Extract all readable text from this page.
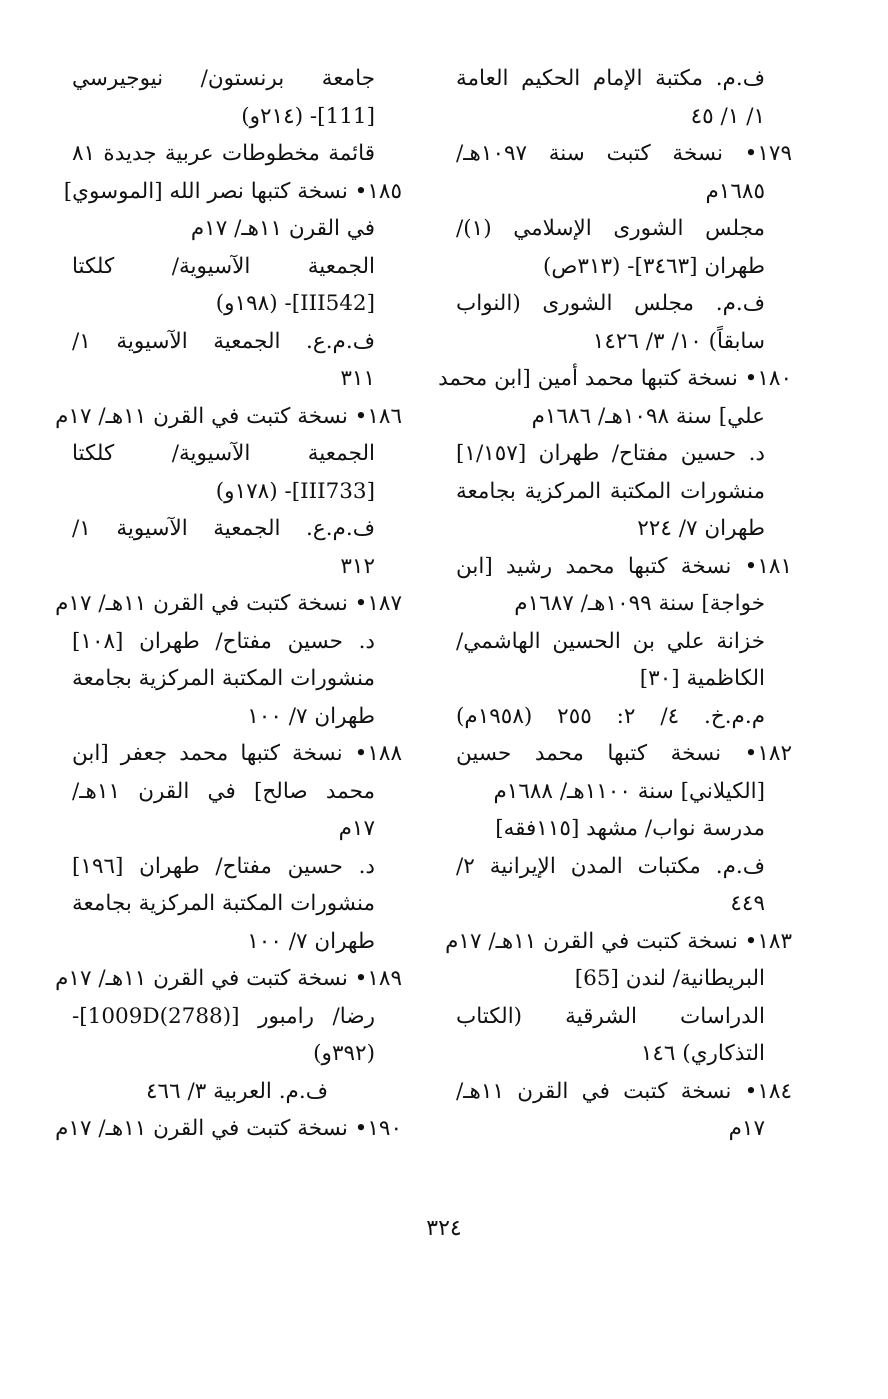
ف.م. مكتبة الإمام الحكيم العامة
١/ ١/ ٤٥
١٧٩• نسخة كتبت سنة ١٠٩٧هـ/
١٦٨٥م
مجلس الشورى الإسلامي (١)/
طهران [٣٤٦٣]- (٣١٣ص)
ف.م. مجلس الشورى (النواب
سابقاً) ١٠/ ٣/ ١٤٢٦
١٨٠• نسخة كتبها محمد أمين [ابن محمد
علي] سنة ١٠٩٨هـ/ ١٦٨٦م
د. حسين مفتاح/ طهران [١/١٥٧]
منشورات المكتبة المركزية بجامعة
طهران ٧/ ٢٢٤
١٨١• نسخة كتبها محمد رشيد [ابن
خواجة] سنة ١٠٩٩هـ/ ١٦٨٧م
خزانة علي بن الحسين الهاشمي/
الكاظمية [٣٠]
م.م.خ. ٤/ ٢: ٢٥٥ (١٩٥٨م)
١٨٢• نسخة كتبها محمد حسين
[الكيلاني] سنة ١١٠٠هـ/ ١٦٨٨م
مدرسة نواب/ مشهد [١١٥فقه]
ف.م. مكتبات المدن الإيرانية ٢/
٤٤٩
١٨٣• نسخة كتبت في القرن ١١هـ/ ١٧م
البريطانية/ لندن [65]
الدراسات الشرقية (الكتاب
التذكاري) ١٤٦
١٨٤• نسخة كتبت في القرن ١١هـ/
١٧م
جامعة برنستون/ نيوجيرسي
[111]- (٢١٤و)
قائمة مخطوطات عربية جديدة ٨١
١٨٥• نسخة كتبها نصر الله [الموسوي]
في القرن ١١هـ/ ١٧م
الجمعية الآسيوية/ كلكتا
[III542]- (١٩٨و)
ف.م.ع. الجمعية الآسيوية ١/
٣١١
١٨٦• نسخة كتبت في القرن ١١هـ/ ١٧م
الجمعية الآسيوية/ كلكتا
[III733]- (١٧٨و)
ف.م.ع. الجمعية الآسيوية ١/
٣١٢
١٨٧• نسخة كتبت في القرن ١١هـ/ ١٧م
د. حسين مفتاح/ طهران [١٠٨]
منشورات المكتبة المركزية بجامعة
طهران ٧/ ١٠٠
١٨٨• نسخة كتبها محمد جعفر [ابن
محمد صالح] في القرن ١١هـ/
١٧م
د. حسين مفتاح/ طهران [١٩٦]
منشورات المكتبة المركزية بجامعة
طهران ٧/ ١٠٠
١٨٩• نسخة كتبت في القرن ١١هـ/ ١٧م
رضا/ رامبور [1009D(2788)]-
(٣٩٢و)
ف.م. العربية ٣/ ٤٦٦
١٩٠• نسخة كتبت في القرن ١١هـ/ ١٧م
٣٢٤
